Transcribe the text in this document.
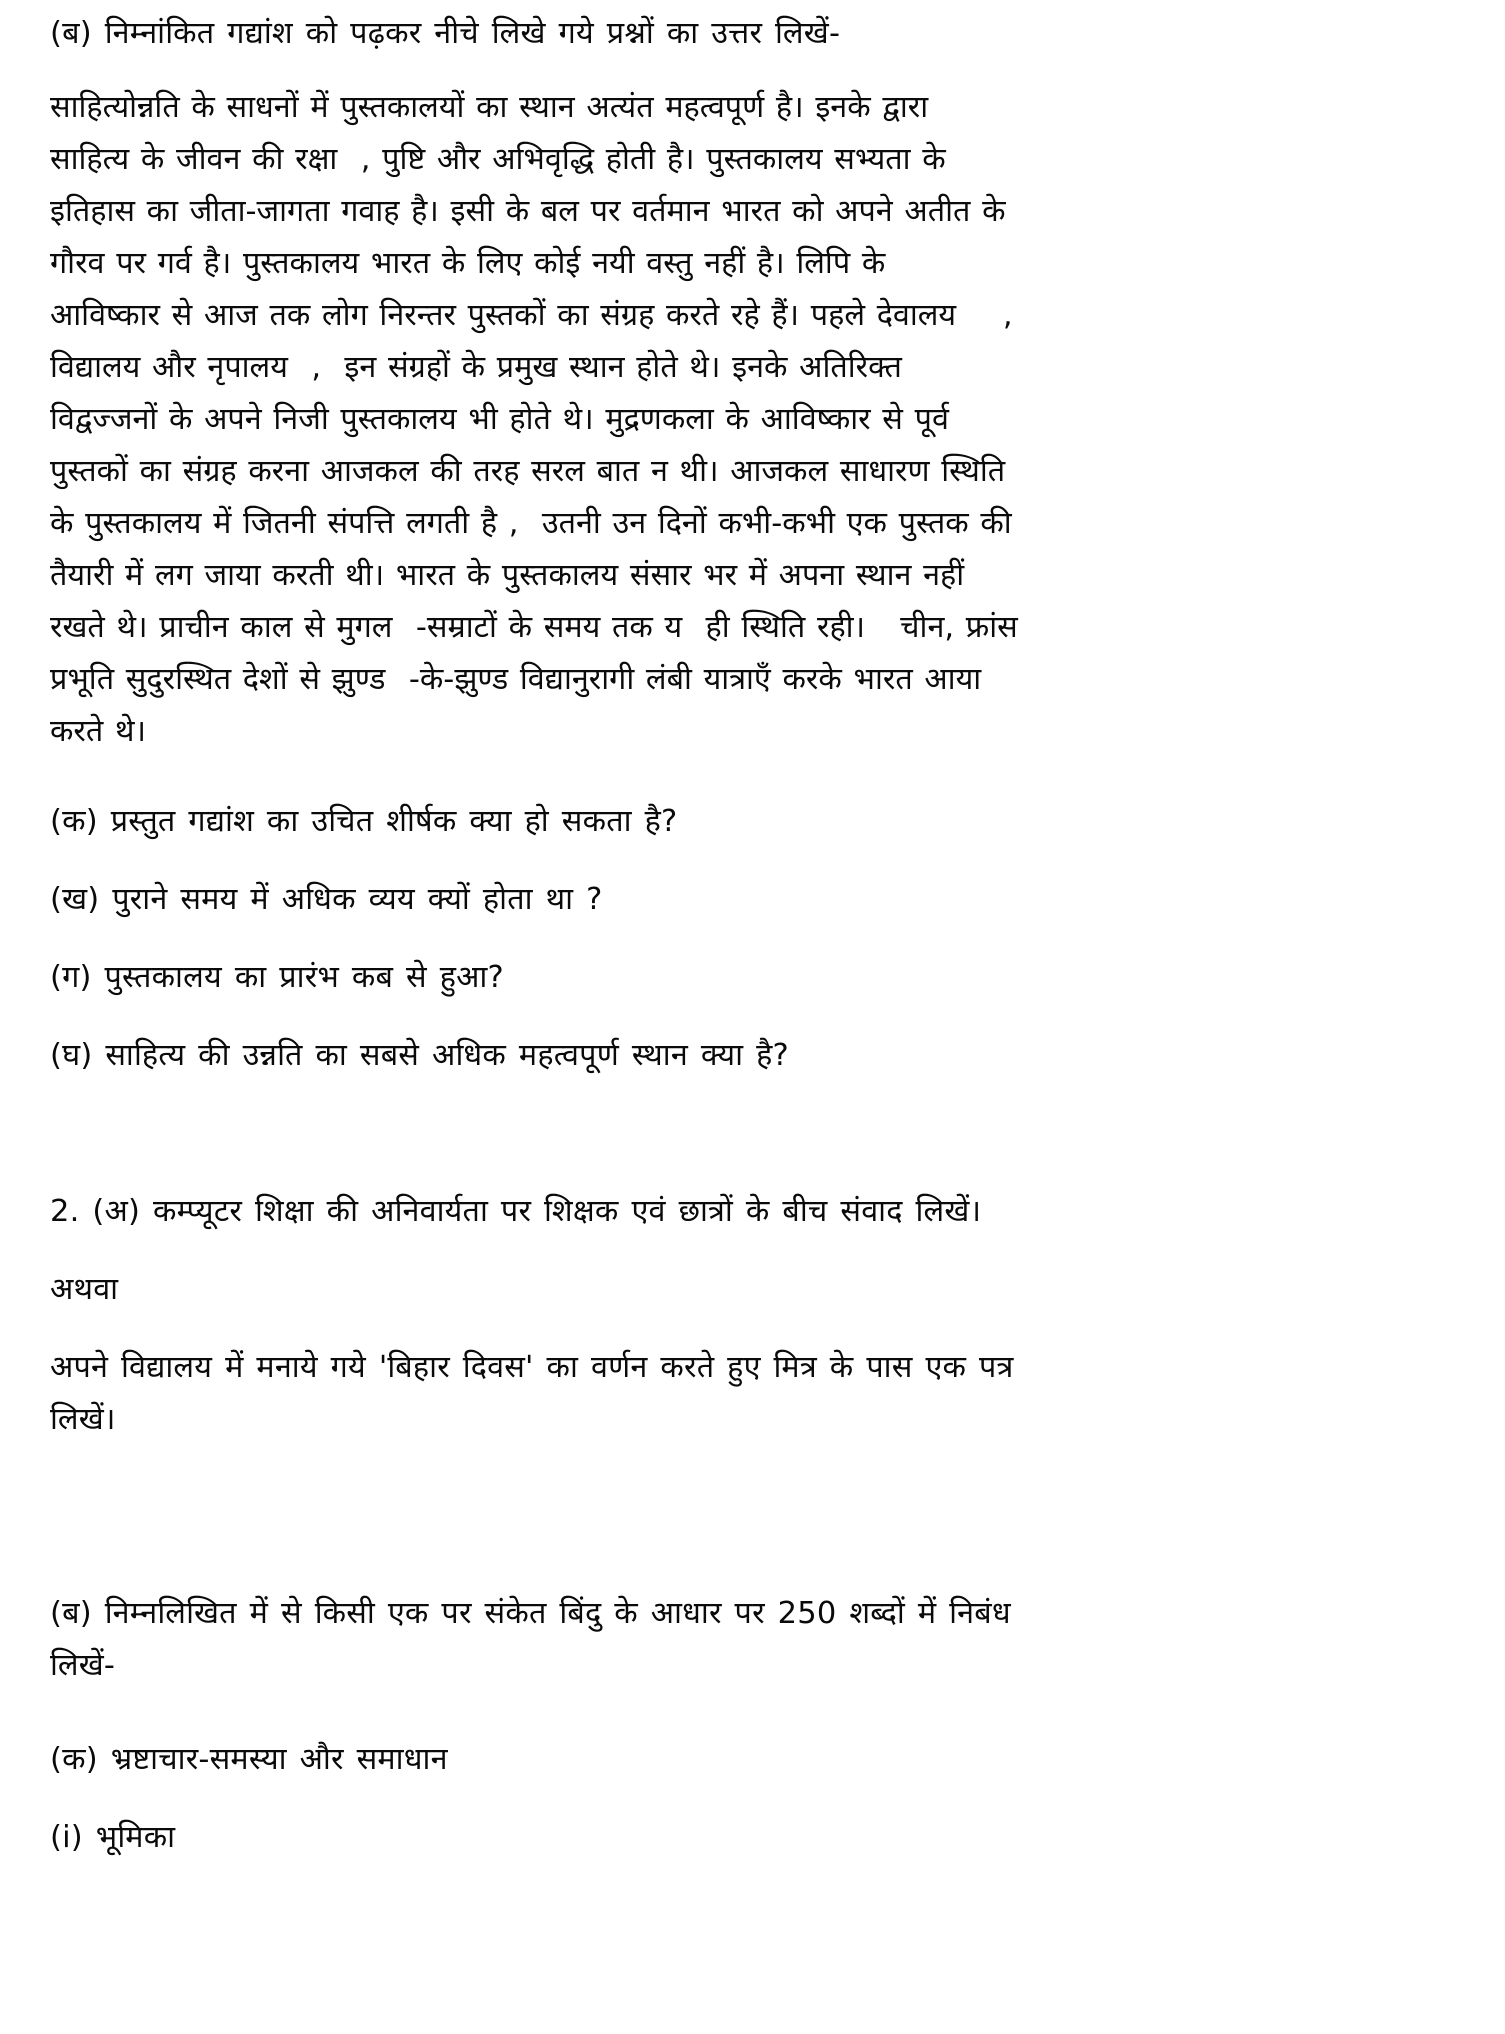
(ब) निम्नांकित गद्यांश को पढ़कर नीचे लिखे गये प्रश्नों का उत्तर लिखें-
साहित्योन्नति के साधनों में पुस्तकालयों का स्थान अत्यंत महत्वपूर्ण है। इनके द्वारा
साहित्य के जीवन की रक्षा  , पुष्टि और अभिवृद्धि होती है। पुस्तकालय सभ्यता के
इतिहास का जीता-जागता गवाह है। इसी के बल पर वर्तमान भारत को अपने अतीत के
गौरव पर गर्व है। पुस्तकालय भारत के लिए कोई नयी वस्तु नहीं है। लिपि के
आविष्कार से आज तक लोग निरन्तर पुस्तकों का संग्रह करते रहे हैं। पहले देवालय    ,
विद्यालय और नृपालय  ,  इन संग्रहों के प्रमुख स्थान होते थे। इनके अतिरिक्त
विद्वज्जनों के अपने निजी पुस्तकालय भी होते थे। मुद्रणकला के आविष्कार से पूर्व
पुस्तकों का संग्रह करना आजकल की तरह सरल बात न थी। आजकल साधारण स्थिति
के पुस्तकालय में जितनी संपत्ति लगती है ,  उतनी उन दिनों कभी-कभी एक पुस्तक की
तैयारी में लग जाया करती थी। भारत के पुस्तकालय संसार भर में अपना स्थान नहीं
रखते थे। प्राचीन काल से मुगल  -सम्राटों के समय तक य  ही स्थिति रही।   चीन, फ्रांस
प्रभूति सुदुरस्थित देशों से झुण्ड  -के-झुण्ड विद्यानुरागी लंबी यात्राएँ करके भारत आया
करते थे।
(क) प्रस्तुत गद्यांश का उचित शीर्षक क्या हो सकता है?
(ख) पुराने समय में अधिक व्यय क्यों होता था ?
(ग) पुस्तकालय का प्रारंभ कब से हुआ?
(घ) साहित्य की उन्नति का सबसे अधिक महत्वपूर्ण स्थान क्या है?
2. (अ) कम्प्यूटर शिक्षा की अनिवार्यता पर शिक्षक एवं छात्रों के बीच संवाद लिखें।
अथवा
अपने विद्यालय में मनाये गये 'बिहार दिवस' का वर्णन करते हुए मित्र के पास एक पत्र
लिखें।
(ब) निम्नलिखित में से किसी एक पर संकेत बिंदु के आधार पर 250 शब्दों में निबंध
लिखें-
(क) भ्रष्टाचार-समस्या और समाधान
(i) भूमिका
